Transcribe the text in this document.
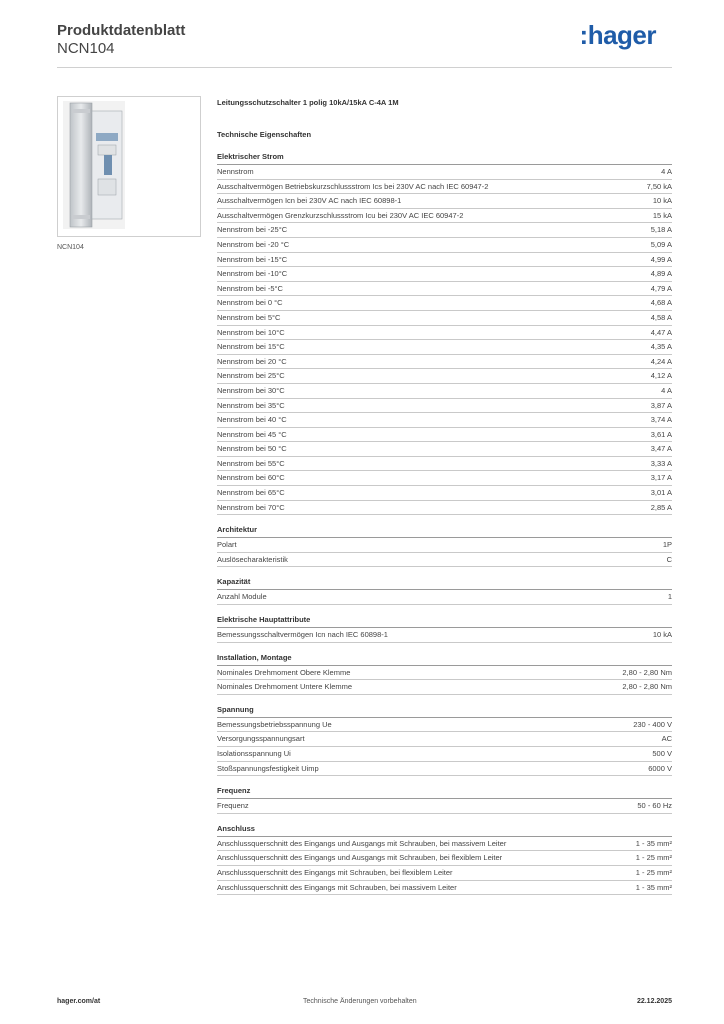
Produktdatenblatt
NCN104	:hager
NCN104
Leitungsschutzschalter 1 polig 10kA/15kA C-4A 1M
Technische Eigenschaften
Elektrischer Strom
Nennstrom	4 A
Ausschaltvermögen Betriebskurzschlussstrom Ics bei 230V AC nach IEC 60947-2	7,50 kA
Ausschaltvermögen Icn bei 230V AC nach IEC 60898-1	10 kA
Ausschaltvermögen Grenzkurzschlussstrom Icu bei 230V AC IEC 60947-2	15 kA
Nennstrom bei -25°C	5,18 A
Nennstrom bei -20 °C	5,09 A
Nennstrom bei -15°C	4,99 A
Nennstrom bei -10°C	4,89 A
Nennstrom bei -5°C	4,79 A
Nennstrom bei 0 °C	4,68 A
Nennstrom bei 5°C	4,58 A
Nennstrom bei 10°C	4,47 A
Nennstrom bei 15°C	4,35 A
Nennstrom bei 20 °C	4,24 A
Nennstrom bei 25°C	4,12 A
Nennstrom bei 30°C	4 A
Nennstrom bei 35°C	3,87 A
Nennstrom bei 40 °C	3,74 A
Nennstrom bei 45 °C	3,61 A
Nennstrom bei 50 °C	3,47 A
Nennstrom bei 55°C	3,33 A
Nennstrom bei 60°C	3,17 A
Nennstrom bei 65°C	3,01 A
Nennstrom bei 70°C	2,85 A
Architektur
Polart	1P
Auslösecharakteristik	C
Kapazität
Anzahl Module	1
Elektrische Hauptattribute
Bemessungsschaltvermögen Icn nach IEC 60898-1	10 kA
Installation, Montage
Nominales Drehmoment Obere Klemme	2,80 - 2,80 Nm
Nominales Drehmoment Untere Klemme	2,80 - 2,80 Nm
Spannung
Bemessungsbetriebsspannung Ue	230 - 400 V
Versorgungsspannungsart	AC
Isolationsspannung Ui	500 V
Stoßspannungsfestigkeit Uimp	6000 V
Frequenz
Frequenz	50 - 60 Hz
Anschluss
Anschlussquerschnitt des Eingangs und Ausgangs mit Schrauben, bei massivem Leiter	1 - 35 mm²
Anschlussquerschnitt des Eingangs und Ausgangs mit Schrauben, bei flexiblem Leiter	1 - 25 mm²
Anschlussquerschnitt des Eingangs mit Schrauben, bei flexiblem Leiter	1 - 25 mm²
Anschlussquerschnitt des Eingangs mit Schrauben, bei massivem Leiter	1 - 35 mm²
hager.com/at	Technische Änderungen vorbehalten	22.12.2025
